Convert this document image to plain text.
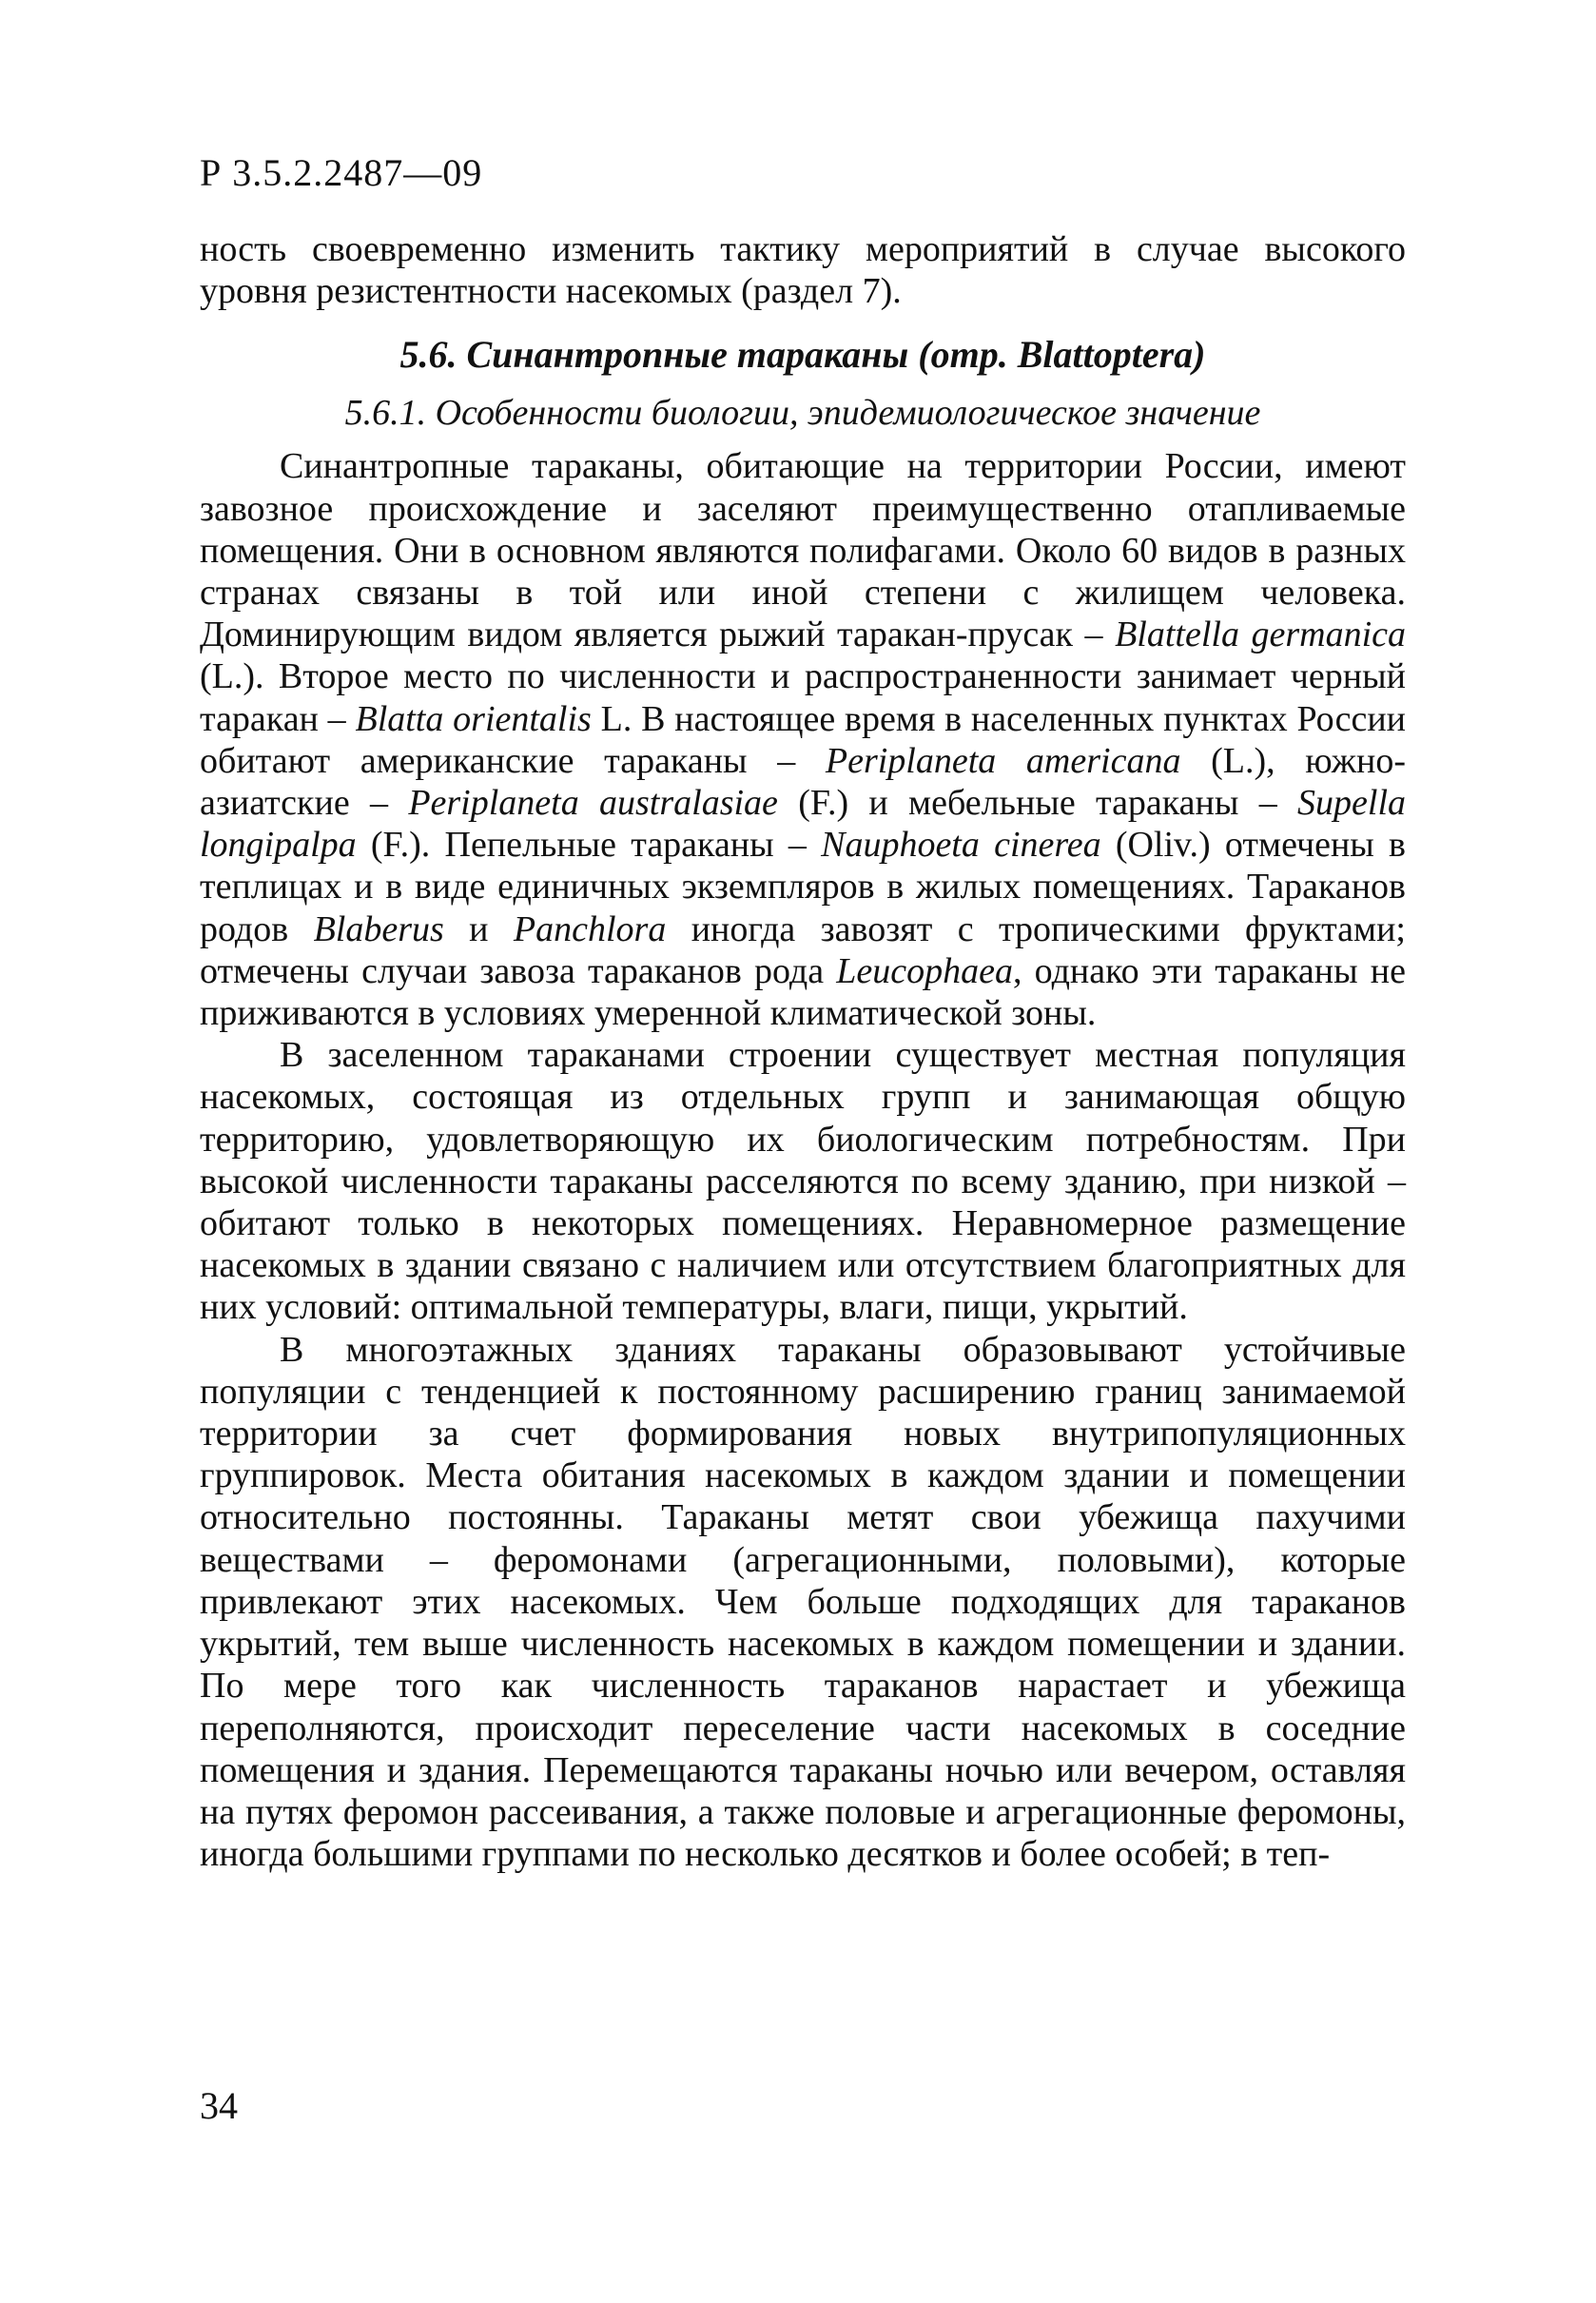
Р 3.5.2.2487—09

ность своевременно изменить тактику мероприятий в случае высокого уровня резистентности насекомых (раздел 7).

5.6. Синантропные тараканы (отр. Blattoptera)
5.6.1. Особенности биологии, эпидемиологическое значение

Синантропные тараканы, обитающие на территории России, имеют завозное происхождение и заселяют преимущественно отапливаемые помещения. Они в основном являются полифагами. Около 60 видов в разных странах связаны в той или иной степени с жилищем человека. Доминирующим видом является рыжий таракан-прусак – Blattella germanica (L.). Второе место по численности и распространенности занимает черный таракан – Blatta orientalis L. В настоящее время в населенных пунктах России обитают американские тараканы – Periplaneta americana (L.), южно-азиатские – Periplaneta australasiae (F.) и мебельные тараканы – Supella longipalpa (F.). Пепельные тараканы – Nauphoeta cinerea (Oliv.) отмечены в теплицах и в виде единичных экземпляров в жилых помещениях. Тараканов родов Blaberus и Panchlora иногда завозят с тропическими фруктами; отмечены случаи завоза тараканов рода Leucophaea, однако эти тараканы не приживаются в условиях умеренной климатической зоны.

В заселенном тараканами строении существует местная популяция насекомых, состоящая из отдельных групп и занимающая общую территорию, удовлетворяющую их биологическим потребностям. При высокой численности тараканы расселяются по всему зданию, при низкой – обитают только в некоторых помещениях. Неравномерное размещение насекомых в здании связано с наличием или отсутствием благоприятных для них условий: оптимальной температуры, влаги, пищи, укрытий.

В многоэтажных зданиях тараканы образовывают устойчивые популяции с тенденцией к постоянному расширению границ занимаемой территории за счет формирования новых внутрипопуляционных группировок. Места обитания насекомых в каждом здании и помещении относительно постоянны. Тараканы метят свои убежища пахучими веществами – феромонами (агрегационными, половыми), которые привлекают этих насекомых. Чем больше подходящих для тараканов укрытий, тем выше численность насекомых в каждом помещении и здании. По мере того как численность тараканов нарастает и убежища переполняются, происходит переселение части насекомых в соседние помещения и здания. Перемещаются тараканы ночью или вечером, оставляя на путях феромон рассеивания, а также половые и агрегационные феромоны, иногда большими группами по несколько десятков и более особей; в теп-

34
